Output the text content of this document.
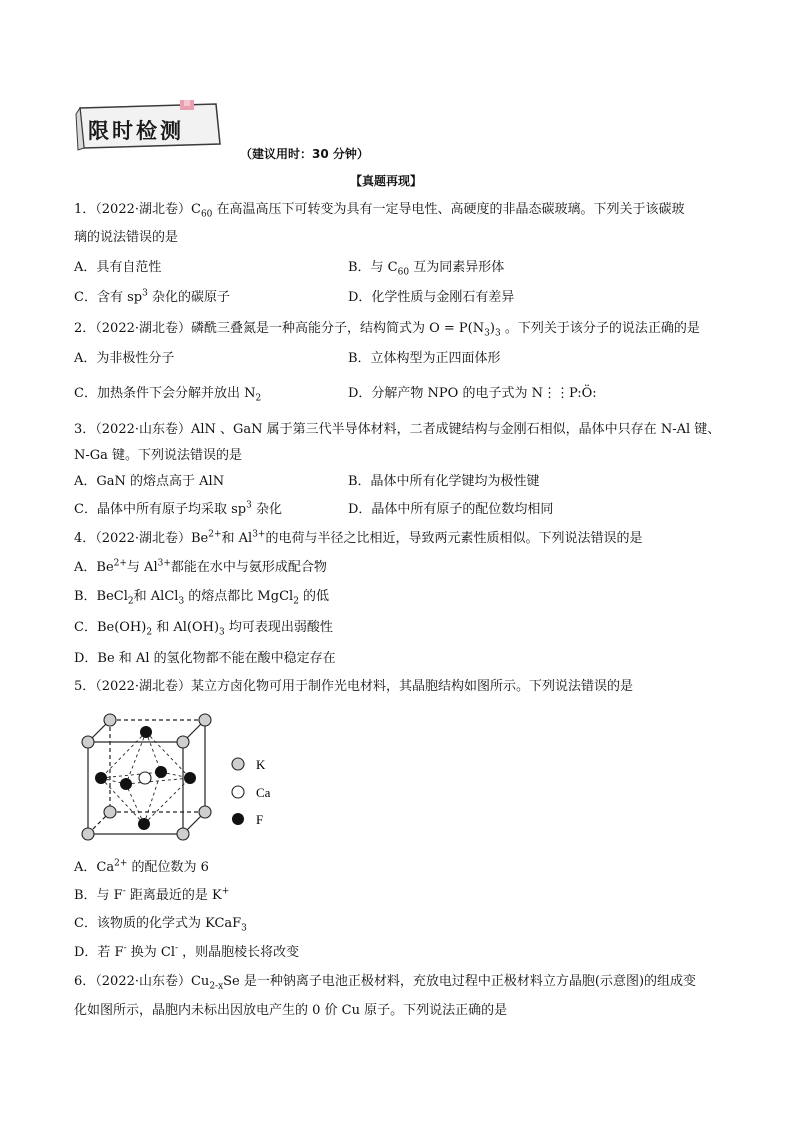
限时检测
（建议用时：30 分钟）
【真题再现】
1．（2022·湖北卷）$C_{60}$ 在高温高压下可转变为具有一定导电性、高硬度的非晶态碳玻璃。下列关于该碳玻
璃的说法错误的是
A．具有自范性	B．与 $C_{60}$ 互为同素异形体
C．含有 $sp^3$ 杂化的碳原子	D．化学性质与金刚石有差异
2．（2022·湖北卷）磷酰三叠氮是一种高能分子，结构简式为 $O = P(N_3)_3$ 。下列关于该分子的说法正确的是
A．为非极性分子	B．立体构型为正四面体形
C．加热条件下会分解并放出 $N_2$	D．分解产物 NPO 的电子式为 N⋮⋮P:Ö:
3．（2022·山东卷）AlN 、GaN 属于第三代半导体材料，二者成键结构与金刚石相似，晶体中只存在 N-Al 键、
N-Ga 键。下列说法错误的是
A．GaN 的熔点高于 AlN	B．晶体中所有化学键均为极性键
C．晶体中所有原子均采取 $sp^3$ 杂化	D．晶体中所有原子的配位数均相同
4．（2022·湖北卷）$Be^{2+}$和 $Al^{3+}$的电荷与半径之比相近，导致两元素性质相似。下列说法错误的是
A．$Be^{2+}$与 $Al^{3+}$都能在水中与氨形成配合物
B．BeCl$_2$和 AlCl$_3$ 的熔点都比 MgCl$_2$ 的低
C．$Be(OH)_2$ 和 $Al(OH)_3$ 均可表现出弱酸性
D．Be 和 Al 的氢化物都不能在酸中稳定存在
5．（2022·湖北卷）某立方卤化物可用于制作光电材料，其晶胞结构如图所示。下列说法错误的是
K
Ca
F
A．$Ca^{2+}$ 的配位数为 6
B．与 F- 距离最近的是 K+
C．该物质的化学式为 KCaF$_3$
D．若 F- 换为 Cl- ，则晶胞棱长将改变
6．（2022·山东卷）$Cu_{2-x}Se$ 是一种钠离子电池正极材料，充放电过程中正极材料立方晶胞(示意图)的组成变
化如图所示，晶胞内未标出因放电产生的 0 价 Cu 原子。下列说法正确的是
